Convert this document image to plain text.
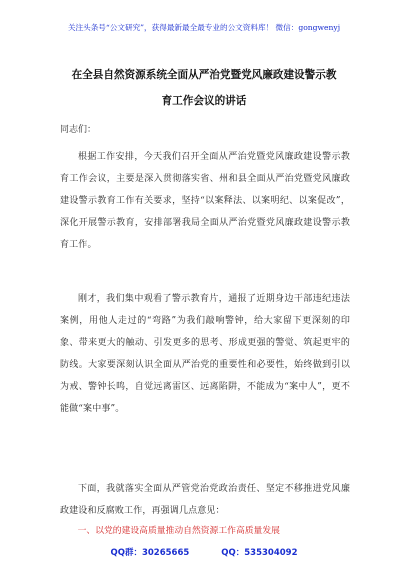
关注头条号“公文研究”，获得最新最全最专业的公文资料库！ 微信：gongwenyj
在全县自然资源系统全面从严治党暨党风廉政建设警示教
育工作会议的讲话
同志们：
根据工作安排，今天我们召开全面从严治党暨党风廉政建设警示教育工作会议，主要是深入贯彻落实省、州和县全面从严治党暨党风廉政建设警示教育工作有关要求，坚持“以案释法、以案明纪、以案促改”，深化开展警示教育，安排部署我局全面从严治党暨党风廉政建设警示教育工作。
刚才，我们集中观看了警示教育片，通报了近期身边干部违纪违法案例，用他人走过的“弯路”为我们敲响警钟，给大家留下更深刻的印象、带来更大的触动、引发更多的思考、形成更强的警觉、筑起更牢的防线。大家要深刻认识全面从严治党的重要性和必要性，始终做到引以为戒、警钟长鸣，自觉远离雷区、远离陷阱，不能成为“案中人”，更不能做“案中事”。
下面，我就落实全面从严管党治党政治责任、坚定不移推进党风廉政建设和反腐败工作，再强调几点意见：
一、以党的建设高质量推动自然资源工作高质量发展
QQ群：30265665	QQ：535304092
